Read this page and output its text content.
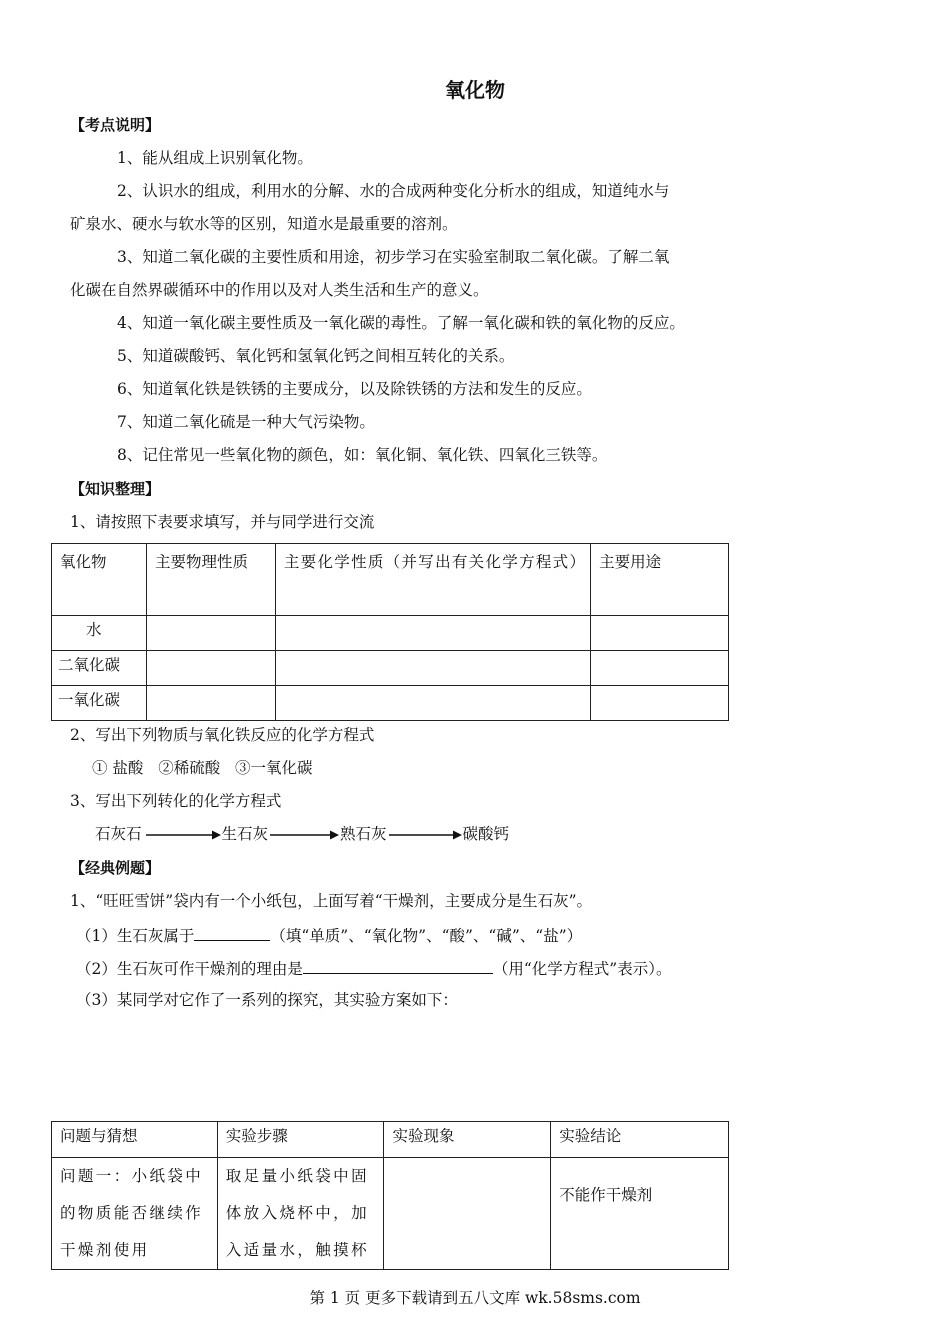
氧化物
【考点说明】
1、能从组成上识别氧化物。
2、认识水的组成，利用水的分解、水的合成两种变化分析水的组成，知道纯水与
矿泉水、硬水与软水等的区别，知道水是最重要的溶剂。
3、知道二氧化碳的主要性质和用途，初步学习在实验室制取二氧化碳。了解二氧
化碳在自然界碳循环中的作用以及对人类生活和生产的意义。
4、知道一氧化碳主要性质及一氧化碳的毒性。了解一氧化碳和铁的氧化物的反应。
5、知道碳酸钙、氧化钙和氢氧化钙之间相互转化的关系。
6、知道氧化铁是铁锈的主要成分，以及除铁锈的方法和发生的反应。
7、知道二氧化硫是一种大气污染物。
8、记住常见一些氧化物的颜色，如：氧化铜、氧化铁、四氧化三铁等。
【知识整理】
1、请按照下表要求填写，并与同学进行交流
氧化物	主要物理性质	主要化学性质（并写出有关化学方程式）	主要用途
水			
二氧化碳			
一氧化碳			
2、写出下列物质与氧化铁反应的化学方程式
① 盐酸 ②稀硫酸 ③一氧化碳
3、写出下列转化的化学方程式
石灰石	生石灰	熟石灰	碳酸钙
【经典例题】
1、“旺旺雪饼”袋内有一个小纸包，上面写着“干燥剂，主要成分是生石灰”。
（1）生石灰属于	（填“单质”、“氧化物”、“酸”、“碱”、“盐”）
（2）生石灰可作干燥剂的理由是	（用“化学方程式”表示）。
（3）某同学对它作了一系列的探究，其实验方案如下：
问题与猜想	实验步骤	实验现象	实验结论
问题一：小纸袋中的物质能否继续作干燥剂使用	取足量小纸袋中固体放入烧杯中，加入适量水，触摸杯		不能作干燥剂
第 1 页 更多下载请到五八文库 wk.58sms.com
